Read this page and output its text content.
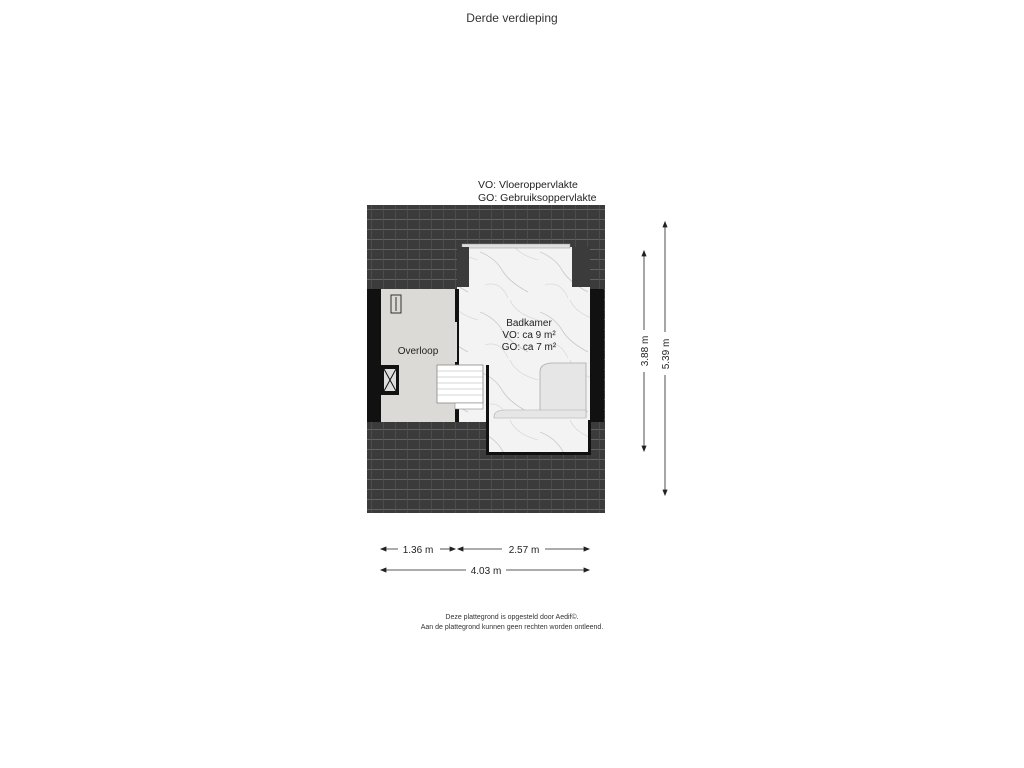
Derde verdieping
VO: Vloeroppervlakte
GO: Gebruiksoppervlakte
Badkamer
VO: ca 9 m²
GO: ca 7 m²
Overloop
1.36 m	2.57 m
4.03 m
3.88 m 5.39 m
Deze plattegrond is opgesteld door Aedif©.
Aan de plattegrond kunnen geen rechten worden ontleend.
